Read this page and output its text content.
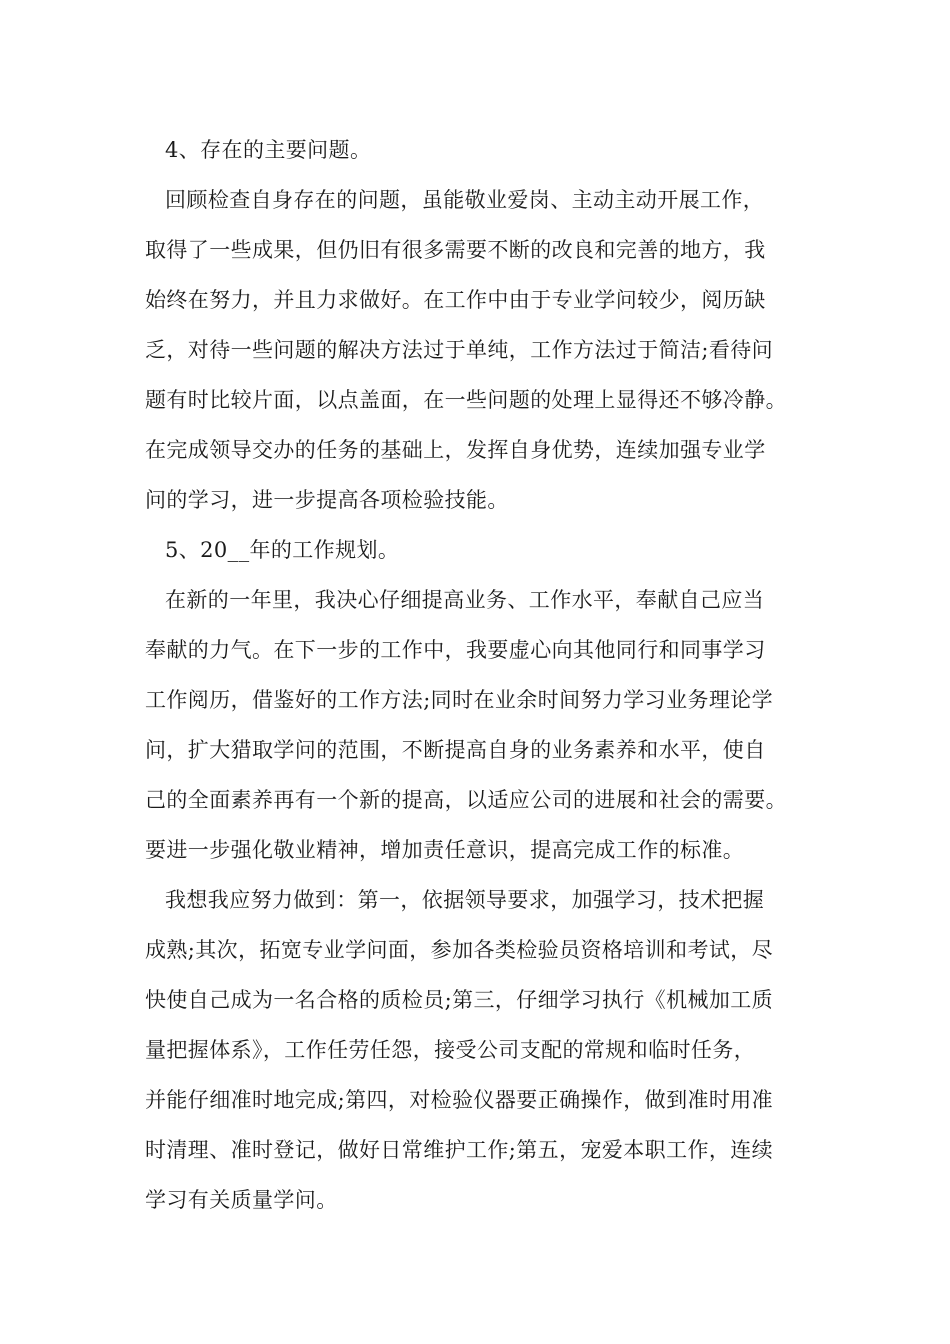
4、存在的主要问题。
回顾检查自身存在的问题，虽能敬业爱岗、主动主动开展工作，
取得了一些成果，但仍旧有很多需要不断的改良和完善的地方，我
始终在努力，并且力求做好。在工作中由于专业学问较少，阅历缺
乏，对待一些问题的解决方法过于单纯，工作方法过于简洁;看待问
题有时比较片面，以点盖面，在一些问题的处理上显得还不够冷静。
在完成领导交办的任务的基础上，发挥自身优势，连续加强专业学
问的学习，进一步提高各项检验技能。
5、20__年的工作规划。
在新的一年里，我决心仔细提高业务、工作水平，奉献自己应当
奉献的力气。在下一步的工作中，我要虚心向其他同行和同事学习
工作阅历，借鉴好的工作方法;同时在业余时间努力学习业务理论学
问，扩大猎取学问的范围，不断提高自身的业务素养和水平，使自
己的全面素养再有一个新的提高，以适应公司的进展和社会的需要。
要进一步强化敬业精神，增加责任意识，提高完成工作的标准。
我想我应努力做到：第一，依据领导要求，加强学习，技术把握
成熟;其次，拓宽专业学问面，参加各类检验员资格培训和考试，尽
快使自己成为一名合格的质检员;第三，仔细学习执行《机械加工质
量把握体系》，工作任劳任怨，接受公司支配的常规和临时任务，
并能仔细准时地完成;第四，对检验仪器要正确操作，做到准时用准
时清理、准时登记，做好日常维护工作;第五，宠爱本职工作，连续
学习有关质量学问。
